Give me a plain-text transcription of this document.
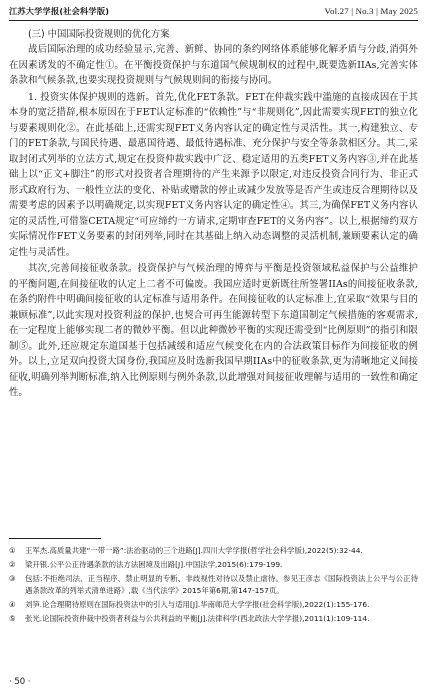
江苏大学学报(社会科学版)	Vol.27 | No.3 | May 2025
(三) 中国国际投资规则的优化方案

战后国际治理的成功经验显示,完善、新鲜、协同的条约网络体系能够化解矛盾与分歧,消弭外在因素诱发的不确定性①。在平衡投资保护与东道国气候规制权的过程中,既要选新IIAs,完善实体条款和气候条款,也要实现投资规则与气候规则间的衔接与协同。

1. 投资实体保护规则的选新。首先,优化FET条款。FET在仲裁实践中滥施的直接成因在于其本身的宽泛措辞,根本原因在于FET认定标准的“依赖性”与“非规则化”,因此需要实现FET的独立化与要素规则化②。在此基础上,还需实现FET义务内容认定的确定性与灵活性。其一,构建独立、专门的FET条款,与国民待遇、最惠国待遇、最低待遇标准、充分保护与安全等条款相区分。其二,采取封闭式列举的立法方式,规定在投资仲裁实践中广泛、稳定适用的五类FET义务内容③,并在此基础上以“正文+脚注”的形式对投资者合理期待的产生来源予以限定,对违反投资合同行为、非正式形式政府行为、一般性立法的变化、补贴或赠款的停止或减少发放等是否产生或违反合理期待以及需要考虑的因素予以明确规定,以实现FET义务内容认定的确定性④。其三,为确保FET义务内容认定的灵活性,可借鉴CETA规定“可应缔约一方请求,定期审查FET的义务内容”。以上,根据缔约双方实际情况作FET义务要素的封闭列举,同时在其基础上纳入动态调整的灵活机制,兼顾要素认定的确定性与灵活性。

其次,完善间接征收条款。投资保护与气候治理的博弈与平衡是投资领域私益保护与公益维护的平衡问题,在间接征收的认定上二者不可偏废。我国应适时更新既往所签署IIAs的间接征收条款,在条约附件中明确间接征收的认定标准与适用条件。在间接征收的认定标准上,宜采取“效果与目的兼顾标准”,以此实现对投资利益的保护,也契合可再生能源转型下东道国制定气候措施的客观需求,在一定程度上能够实现二者的微妙平衡。但以此种微妙平衡的实现还需受到“比例原则”的指引和限制⑤。此外,还应规定东道国基于包括减缓和适应气候变化在内的合法政策目标作为间接征收的例外。以上,立足双向投资大国身份,我国应及时选新我国早期IIAs中的征收条款,更为清晰地定义间接征收,明确列举判断标准,纳入比例原则与例外条款,以此增强对间接征收理解与适用的一致性和确定性。

①	王军杰.高质量共建“一带一路”:法治驱动的三个进路[J].四川大学学报(哲学社会科学版),2022(5):32-44.
②	梁开银.公平公正待遇条款的法方法困境及出路[J].中国法学,2015(6):179-199.
③	包括:不拒绝司法、正当程序、禁止明显的专断、非歧视性对待以及禁止虐待。参见王彦志《国际投资法上公平与公正待遇条款改革的列举式清单进路》,载《当代法学》2015年第6期,第147-157页。
④	刘笋.论合理期待原则在国际投资法中的引入与适用[J].华南师范大学学报(社会科学版),2022(1):155-176.
⑤	张光.论国际投资仲裁中投资者利益与公共利益的平衡[J].法律科学(西北政法大学学报),2011(1):109-114.
· 50 ·
